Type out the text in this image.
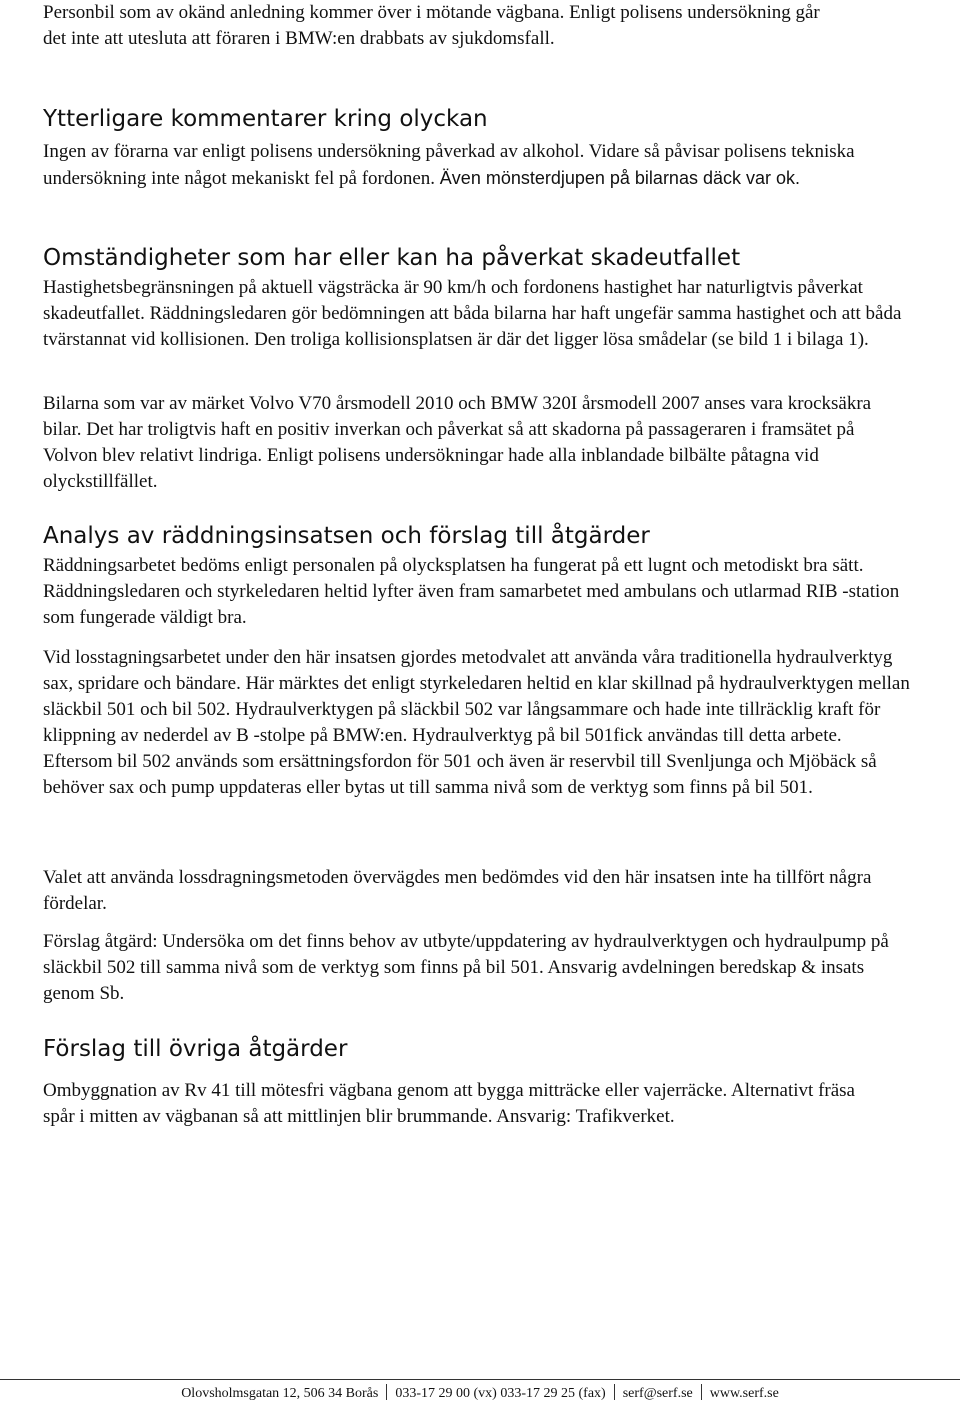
Personbil som av okänd anledning kommer över i mötande vägbana. Enligt polisens undersökning går det inte att utesluta att föraren i BMW:en drabbats av sjukdomsfall.

Ytterligare kommentarer kring olyckan

Ingen av förarna var enligt polisens undersökning påverkad av alkohol. Vidare så påvisar polisens tekniska undersökning inte något mekaniskt fel på fordonen. Även mönsterdjupen på bilarnas däck var ok.

Omständigheter som har eller kan ha påverkat skadeutfallet

Hastighetsbegränsningen på aktuell vägsträcka är 90 km/h och fordonens hastighet har naturligtvis påverkat skadeutfallet. Räddningsledaren gör bedömningen att båda bilarna har haft ungefär samma hastighet och att båda tvärstannat vid kollisionen. Den troliga kollisionsplatsen är där det ligger lösa smådelar (se bild 1 i bilaga 1).

Bilarna som var av märket Volvo V70 årsmodell 2010 och BMW 320I årsmodell 2007 anses vara krocksäkra bilar. Det har troligtvis haft en positiv inverkan och påverkat så att skadorna på passageraren i framsätet på Volvon blev relativt lindriga. Enligt polisens undersökningar hade alla inblandade bilbälte påtagna vid olyckstillfället.

Analys av räddningsinsatsen och förslag till åtgärder

Räddningsarbetet bedöms enligt personalen på olycksplatsen ha fungerat på ett lugnt och metodiskt bra sätt. Räddningsledaren och styrkeledaren heltid lyfter även fram samarbetet med ambulans och utlarmad RIB -station som fungerade väldigt bra.

Vid losstagningsarbetet under den här insatsen gjordes metodvalet att använda våra traditionella hydraulverktyg sax, spridare och bändare. Här märktes det enligt styrkeledaren heltid en klar skillnad på hydraulverktygen mellan släckbil 501 och bil 502. Hydraulverktygen på släckbil 502 var långsammare och hade inte tillräcklig kraft för klippning av nederdel av B -stolpe på BMW:en. Hydraulverktyg på bil 501fick användas till detta arbete. Eftersom bil 502 används som ersättningsfordon för 501 och även är reservbil till Svenljunga och Mjöbäck så behöver sax och pump uppdateras eller bytas ut till samma nivå som de verktyg som finns på bil 501.

Valet att använda lossdragningsmetoden övervägdes men bedömdes vid den här insatsen inte ha tillfört några fördelar.

Förslag åtgärd: Undersöka om det finns behov av utbyte/uppdatering av hydraulverktygen och hydraulpump på släckbil 502 till samma nivå som de verktyg som finns på bil 501. Ansvarig avdelningen beredskap & insats genom Sb.

Förslag till övriga åtgärder

Ombyggnation av Rv 41 till mötesfri vägbana genom att bygga mitträcke eller vajerräcke. Alternativt fräsa spår i mitten av vägbanan så att mittlinjen blir brummande. Ansvarig: Trafikverket.

Olovsholmsgatan 12, 506 34 Borås 033-17 29 00 (vx) 033-17 29 25 (fax) serf@serf.se www.serf.se
